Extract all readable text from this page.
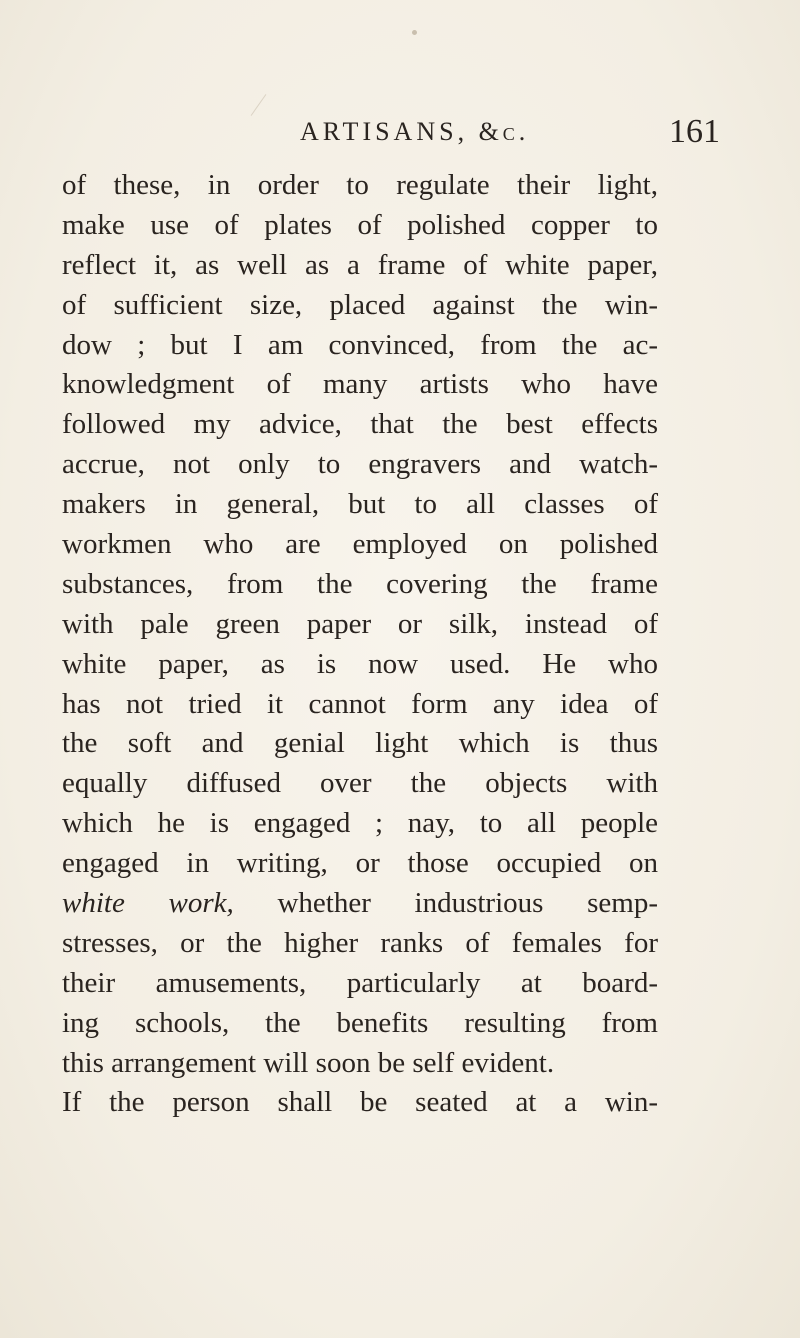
ARTISANS, &c.	161
of these, in order to regulate their light,
make use of plates of polished copper to
reflect it, as well as a frame of white paper,
of sufficient size, placed against the win-
dow ; but I am convinced, from the ac-
knowledgment of many artists who have
followed my advice, that the best effects
accrue, not only to engravers and watch-
makers in general, but to all classes of
workmen who are employed on polished
substances, from the covering the frame
with pale green paper or silk, instead of
white paper, as is now used. He who
has not tried it cannot form any idea of
the soft and genial light which is thus
equally diffused over the objects with
which he is engaged ; nay, to all people
engaged in writing, or those occupied on
white work, whether industrious semp-
stresses, or the higher ranks of females for
their amusements, particularly at board-
ing schools, the benefits resulting from
this arrangement will soon be self evident.
If the person shall be seated at a win-
